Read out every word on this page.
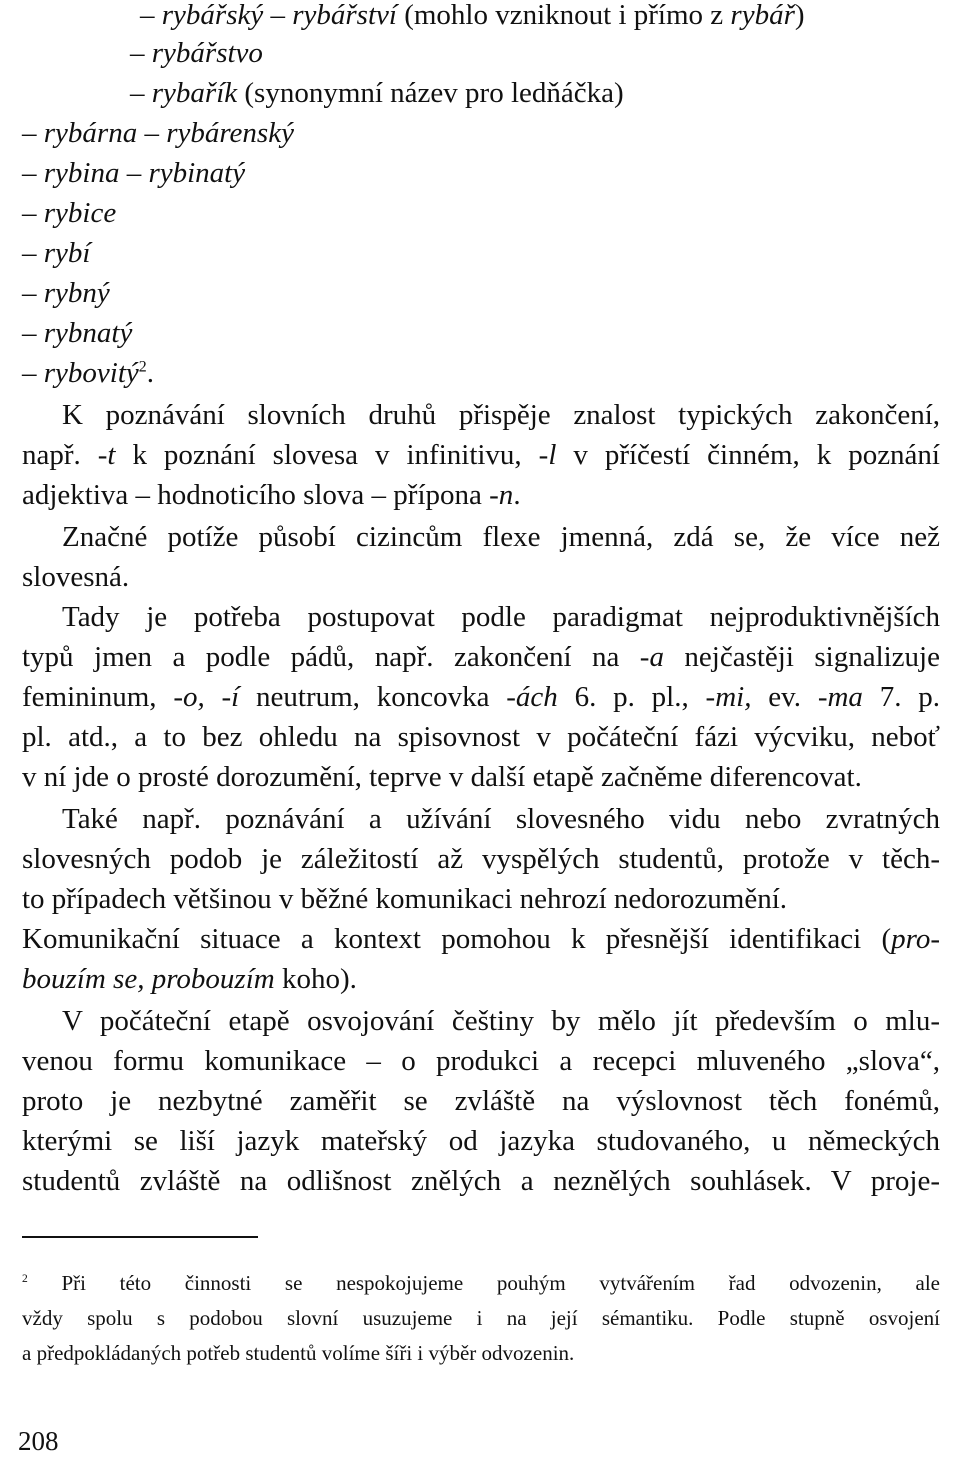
– rybářský – rybářství (mohlo vzniknout i přímo z rybář)
– rybářstvo
– rybařík (synonymní název pro ledňáčka)
– rybárna – rybárenský
– rybina – rybinatý
– rybice
– rybí
– rybný
– rybnatý
– rybovitý$^2$.
K poznávání slovních druhů přispěje znalost typických zakončení,
např. -t k poznání slovesa v infinitivu, -l v příčestí činném, k poznání
adjektiva – hodnoticího slova – přípona -n.
Značné potíže působí cizincům flexe jmenná, zdá se, že více než
slovesná.
Tady je potřeba postupovat podle paradigmat nejproduktivnějších
typů jmen a podle pádů, např. zakončení na -a nejčastěji signalizuje
femininum, -o, -í neutrum, koncovka -ách 6. p. pl., -mi, ev. -ma 7. p.
pl. atd., a to bez ohledu na spisovnost v počáteční fázi výcviku, neboť
v ní jde o prosté dorozumění, teprve v další etapě začněme diferencovat.
Také např. poznávání a užívání slovesného vidu nebo zvratných
slovesných podob je záležitostí až vyspělých studentů, protože v těch-
to případech většinou v běžné komunikaci nehrozí nedorozumění.
Komunikační situace a kontext pomohou k přesnější identifikaci (pro-
bouzím se, probouzím koho).
V počáteční etapě osvojování češtiny by mělo jít především o mlu-
venou formu komunikace – o produkci a recepci mluveného „slova“,
proto je nezbytné zaměřit se zvláště na výslovnost těch fonémů,
kterými se liší jazyk mateřský od jazyka studovaného, u německých
studentů zvláště na odlišnost znělých a neznělých souhlásek. V proje-
$^2$ Při této činnosti se nespokojujeme pouhým vytvářením řad odvozenin, ale
vždy spolu s podobou slovní usuzujeme i na její sémantiku. Podle stupně osvojení
a předpokládaných potřeb studentů volíme šíři i výběr odvozenin.
208
